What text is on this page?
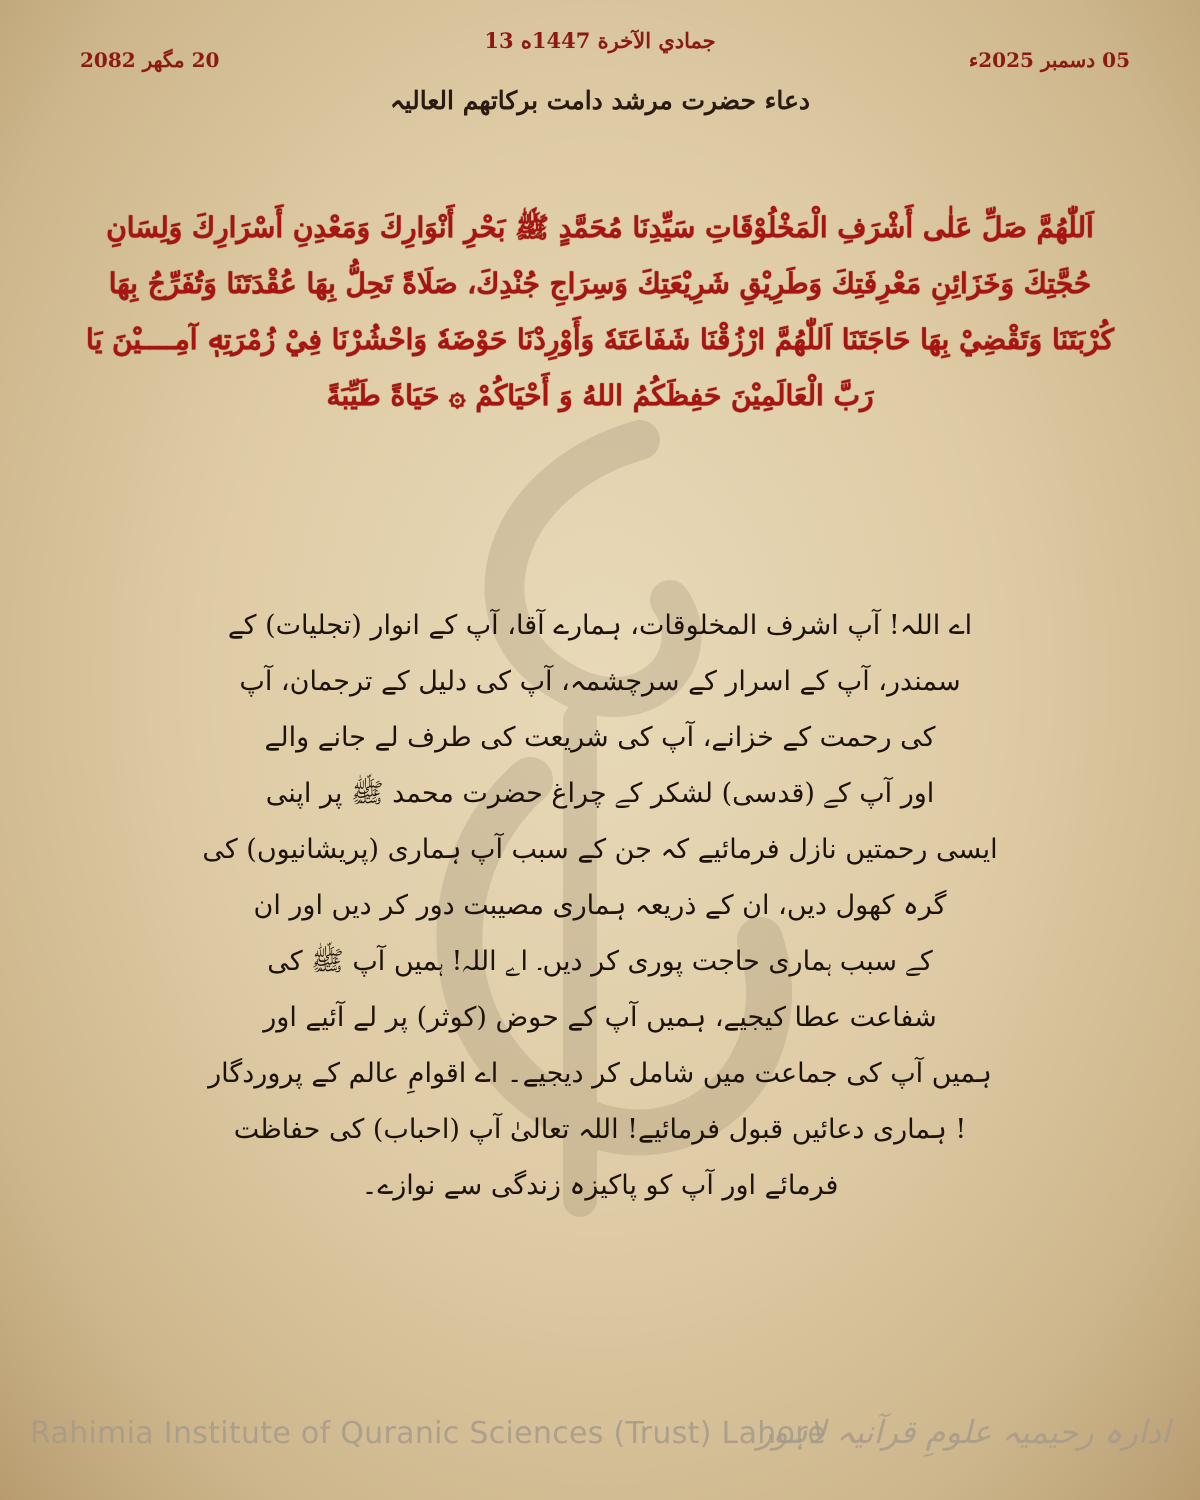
13 جمادي الآخرة 1447ه
05 دسمبر 2025ء
20 مگھر 2082
دعاء حضرت مرشد دامت برکاتھم العالیہ
اَللّٰهُمَّ صَلِّ عَلٰى أَشْرَفِ الْمَخْلُوْقَاتِ سَيِّدِنَا مُحَمَّدٍ ﷺ بَحْرِ أَنْوَارِكَ وَمَعْدِنِ أَسْرَارِكَ وَلِسَانِ حُجَّتِكَ وَخَزَائِنِ مَعْرِفَتِكَ وَطَرِيْقِ شَرِيْعَتِكَ وَسِرَاجِ جُنْدِكَ، صَلَاةً تَحِلُّ بِهَا عُقْدَتَنَا وَتُفَرِّجُ بِهَا كُرْبَتَنَا وَتَقْضِيْ بِهَا حَاجَتَنَا اَللّٰهُمَّ ارْزُقْنَا شَفَاعَتَهٗ وَأَوْرِدْنَا حَوْضَهٗ وَاحْشُرْنَا فِيْ زُمْرَتِهٖ آمِــــيْنَ يَا رَبَّ الْعَالَمِيْنَ حَفِظَكُمُ اللهُ وَ أَحْيَاكُمْ ۞ حَيَاةً طَيِّبَةً
اے اللہ! آپ اشرف المخلوقات، ہمارے آقا، آپ کے انوار (تجلیات) کے
سمندر، آپ کے اسرار کے سرچشمہ، آپ کی دلیل کے ترجمان، آپ
کی رحمت کے خزانے، آپ کی شریعت کی طرف لے جانے والے
اور آپ کے (قدسی) لشکر کے چراغ حضرت محمد ﷺ پر اپنی
ایسی رحمتیں نازل فرمائیے کہ جن کے سبب آپ ہماری (پریشانیوں) کی
گرہ کھول دیں، ان کے ذریعہ ہماری مصیبت دور کر دیں اور ان
کے سبب ہماری حاجت پوری کر دیں۔ اے اللہ! ہمیں آپ ﷺ کی
شفاعت عطا کیجیے، ہمیں آپ کے حوض (کوثر) پر لے آئیے اور
ہمیں آپ کی جماعت میں شامل کر دیجیے۔ اے اقوامِ عالم کے پروردگار
! ہماری دعائیں قبول فرمائیے! اللہ تعالیٰ آپ (احباب) کی حفاظت
فرمائے اور آپ کو پاکیزہ زندگی سے نوازے۔
Rahimia Institute of Quranic Sciences (Trust) Lahore
ادارہ رحیمیہ علومِ قرآنیہ لاہور
